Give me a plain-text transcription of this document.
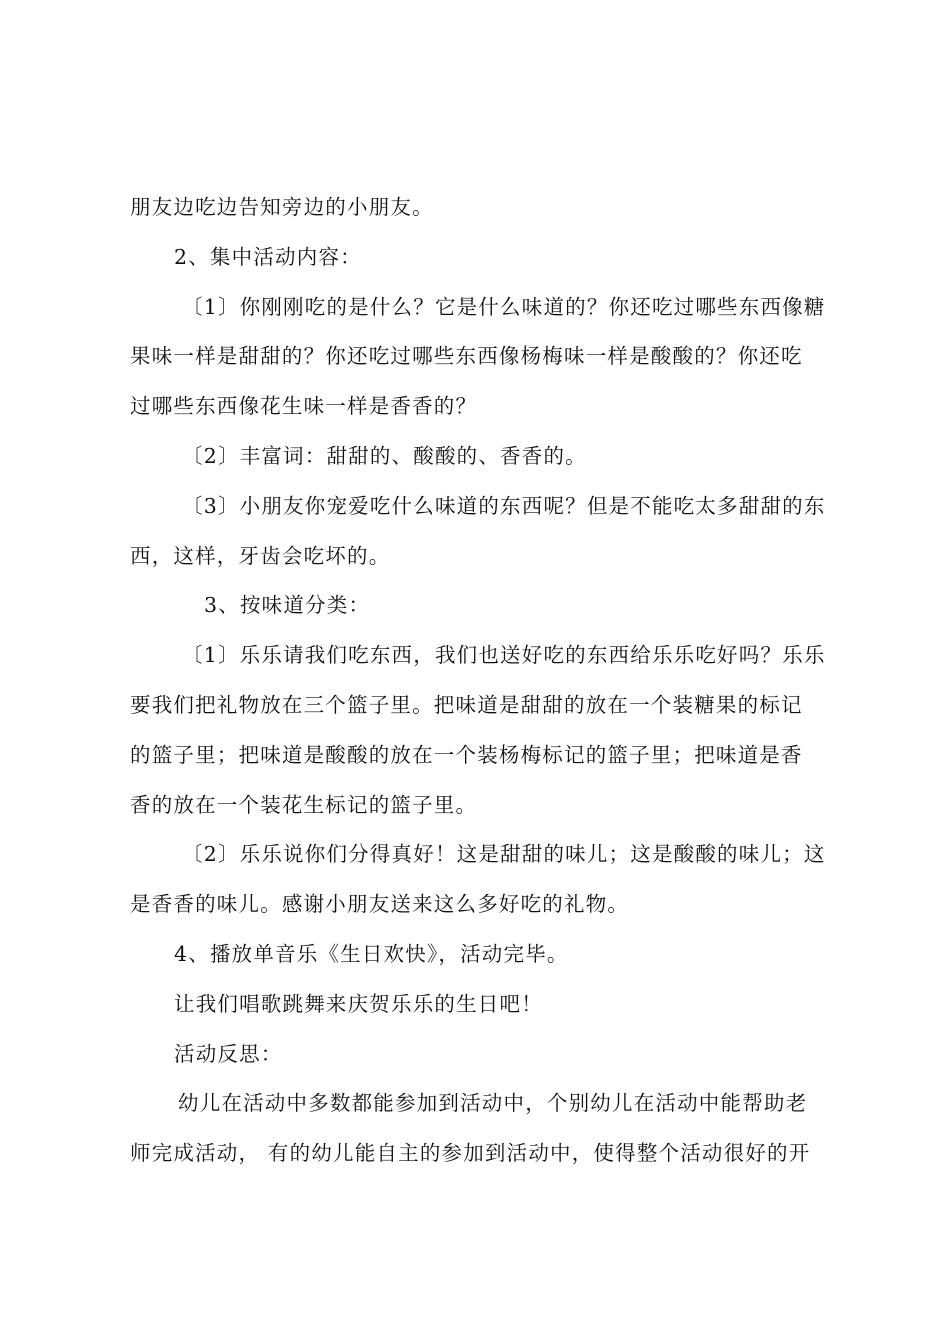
朋友边吃边告知旁边的小朋友。

2、集中活动内容：

〔1〕你刚刚吃的是什么？它是什么味道的？你还吃过哪些东西像糖

果味一样是甜甜的？你还吃过哪些东西像杨梅味一样是酸酸的？你还吃

过哪些东西像花生味一样是香香的？

〔2〕丰富词：甜甜的、酸酸的、香香的。

〔3〕小朋友你宠爱吃什么味道的东西呢？但是不能吃太多甜甜的东

西，这样，牙齿会吃坏的。

3、按味道分类：

〔1〕乐乐请我们吃东西，我们也送好吃的东西给乐乐吃好吗？乐乐

要我们把礼物放在三个篮子里。把味道是甜甜的放在一个装糖果的标记

的篮子里；把味道是酸酸的放在一个装杨梅标记的篮子里；把味道是香

香的放在一个装花生标记的篮子里。

〔2〕乐乐说你们分得真好！这是甜甜的味儿；这是酸酸的味儿；这

是香香的味儿。感谢小朋友送来这么多好吃的礼物。

4、播放单音乐《生日欢快》，活动完毕。

让我们唱歌跳舞来庆贺乐乐的生日吧！

活动反思：

幼儿在活动中多数都能参加到活动中，个别幼儿在活动中能帮助老

师完成活动， 有的幼儿能自主的参加到活动中，使得整个活动很好的开
